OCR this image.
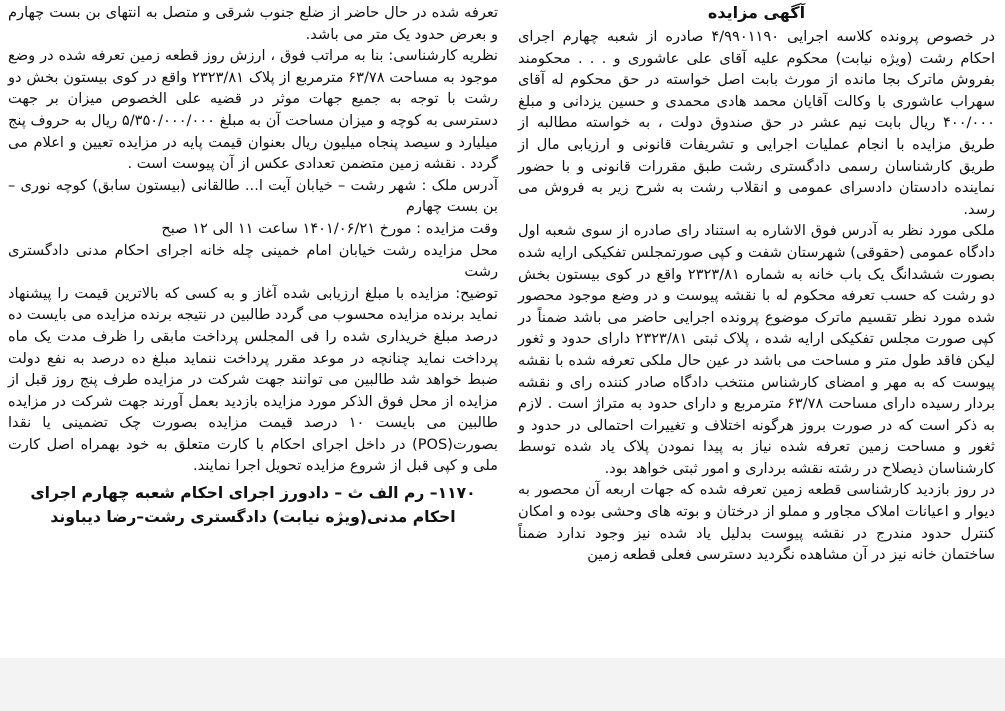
آگهی مزایده

در خصوص پرونده کلاسه اجرایی ۴/۹۹۰۱۱۹۰ صادره از شعبه چهارم اجرای احکام رشت (ویژه نیابت) محکوم علیه آقای علی عاشوری و . . . محکومند بفروش ماترک بجا مانده از مورث بابت اصل خواسته در حق محکوم له آقای سهراب عاشوری با وکالت آقایان محمد هادی محمدی و حسین یزدانی و مبلغ ۴۰۰/۰۰۰ ریال بابت نیم عشر در حق صندوق دولت ، به خواسته مطالبه از طریق مزایده با انجام عملیات اجرایی و تشریفات قانونی و ارزیابی مال از طریق کارشناسان رسمی دادگستری رشت طبق مقررات قانونی و با حضور نماینده دادستان دادسرای عمومی و انقلاب رشت به شرح زیر به فروش می رسد.

ملکی مورد نظر به آدرس فوق الاشاره به استناد رای صادره از سوی شعبه اول دادگاه عمومی (حقوقی) شهرستان شفت و کپی صورتمجلس تفکیکی ارایه شده بصورت ششدانگ یک باب خانه به شماره ۲۳۲۳/۸۱ واقع در کوی بیستون بخش دو رشت که حسب تعرفه محکوم له با نقشه پیوست و در وضع موجود محصور شده مورد نظر تقسیم ماترک موضوع پرونده اجرایی حاضر می باشد ضمناً در کپی صورت مجلس تفکیکی ارایه شده ، پلاک ثبتی ۲۳۲۳/۸۱ دارای حدود و ثغور لیکن فاقد طول متر و مساحت می باشد در عین حال ملکی تعرفه شده با نقشه پیوست که به مهر و امضای کارشناس منتخب دادگاه صادر کننده رای و نقشه بردار رسیده دارای مساحت ۶۳/۷۸ مترمربع و دارای حدود به متراژ است . لازم به ذکر است که در صورت بروز هرگونه اختلاف و تغییرات احتمالی در حدود و ثغور و مساحت زمین تعرفه شده نیاز به پیدا نمودن پلاک یاد شده توسط کارشناسان ذیصلاح در رشته نقشه برداری و امور ثبتی خواهد بود.

در روز بازدید کارشناسی قطعه زمین تعرفه شده که جهات اربعه آن محصور به دیوار و اعیانات املاک مجاور و مملو از درختان و بوته های وحشی بوده و امکان کنترل حدود مندرج در نقشه پیوست بدلیل یاد شده نیز وجود ندارد ضمناً ساختمان خانه نیز در آن مشاهده نگردید دسترسی فعلی قطعه زمین

تعرفه شده در حال حاضر از ضلع جنوب شرقی و متصل به انتهای بن بست چهارم و بعرض حدود یک متر می باشد.

نظریه کارشناسی: بنا به مراتب فوق ، ارزش روز قطعه زمین تعرفه شده در وضع موجود به مساحت ۶۳/۷۸ مترمربع از پلاک ۲۳۲۳/۸۱ واقع در کوی بیستون بخش دو رشت با توجه به جمیع جهات موثر در قضیه علی الخصوص میزان بر جهت دسترسی به کوچه و میزان مساحت آن به مبلغ ۵/۳۵۰/۰۰۰/۰۰۰ ریال به حروف پنج میلیارد و سیصد پنجاه میلیون ریال بعنوان قیمت پایه در مزایده تعیین و اعلام می گردد . نقشه زمین متضمن تعدادی عکس از آن پیوست است .

آدرس ملک : شهر رشت – خیابان آیت ا... طالقانی (بیستون سابق) کوچه نوری – بن بست چهارم

وقت مزایده : مورخ ۱۴۰۱/۰۶/۲۱ ساعت ۱۱ الی ۱۲ صبح

محل مزایده رشت خیابان امام خمینی چله خانه اجرای احکام مدنی دادگستری رشت

توضیح: مزایده با مبلغ ارزیابی شده آغاز و به کسی که بالاترین قیمت را پیشنهاد نماید برنده مزایده محسوب می گردد طالبین در نتیجه برنده مزایده می بایست ده درصد مبلغ خریداری شده را فی المجلس پرداخت مابقی را ظرف مدت یک ماه پرداخت نماید چنانچه در موعد مقرر پرداخت ننماید مبلغ ده درصد به نفع دولت ضبط خواهد شد طالبین می توانند جهت شرکت در مزایده طرف پنج روز قبل از مزایده از محل فوق الذکر مورد مزایده بازدید بعمل آورند جهت شرکت در مزایده طالبین می بایست ۱۰ درصد قیمت مزایده بصورت چک تضمینی یا نقدا بصورت(POS) در داخل اجرای احکام با کارت متعلق به خود بهمراه اصل کارت ملی و کپی قبل از شروع مزایده تحویل اجرا نمایند.

۱۱۷۰– رم الف ث – دادورز اجرای احکام شعبه چهارم اجرای احکام مدنی(ویژه نیابت) دادگستری رشت–رضا دیباوند
